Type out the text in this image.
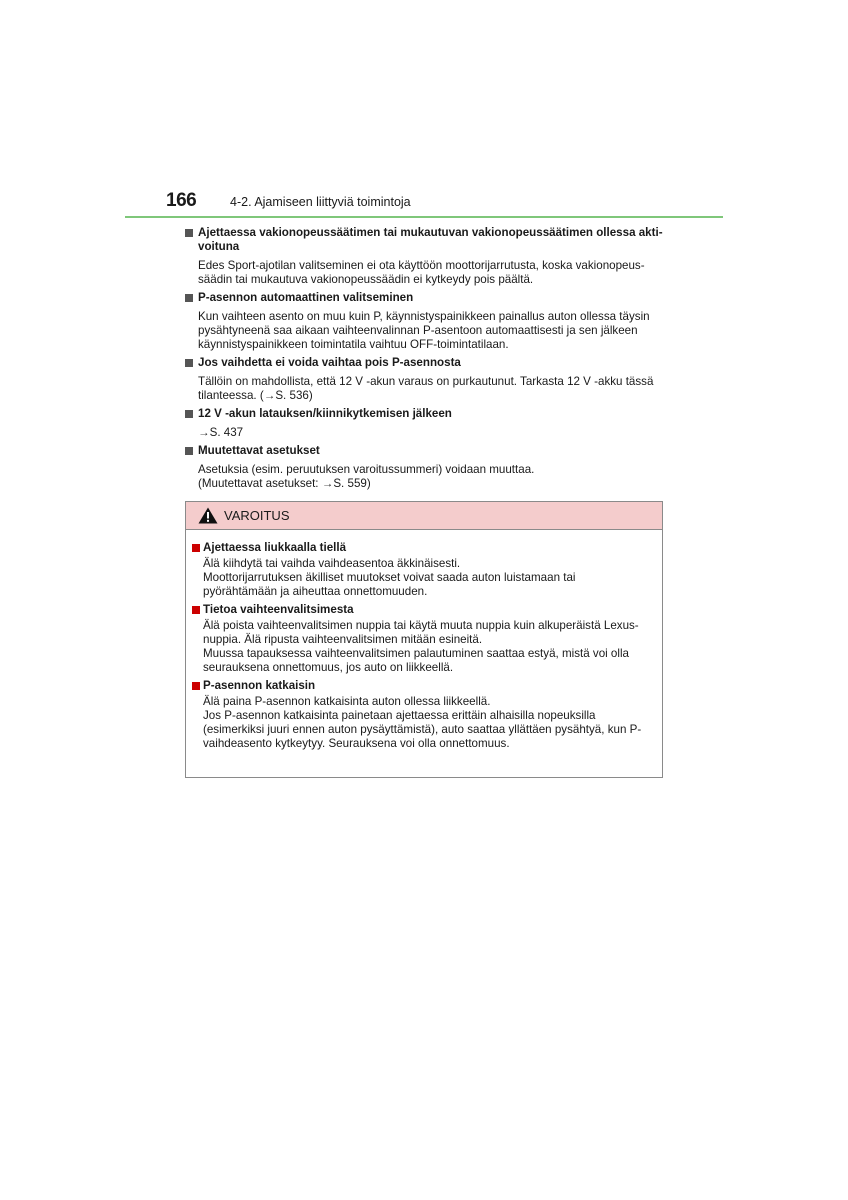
166	4-2. Ajamiseen liittyviä toimintoja
Ajettaessa vakionopeussäätimen tai mukautuvan vakionopeussäätimen ollessa akti-voituna

Edes Sport-ajotilan valitseminen ei ota käyttöön moottorijarrutusta, koska vakionopeus-säädin tai mukautuva vakionopeussäädin ei kytkeydy pois päältä.

P-asennon automaattinen valitseminen

Kun vaihteen asento on muu kuin P, käynnistyspainikkeen painallus auton ollessa täysin pysähtyneenä saa aikaan vaihteenvalinnan P-asentoon automaattisesti ja sen jälkeen käynnistyspainikkeen toimintatila vaihtuu OFF-toimintatilaan.

Jos vaihdetta ei voida vaihtaa pois P-asennosta

Tällöin on mahdollista, että 12 V -akun varaus on purkautunut. Tarkasta 12 V -akku tässä tilanteessa. (→S. 536)

12 V -akun latauksen/kiinnikytkemisen jälkeen

→S. 437

Muutettavat asetukset

Asetuksia (esim. peruutuksen varoitussummeri) voidaan muuttaa.

(Muutettavat asetukset: →S. 559)

VAROITUS
Ajettaessa liukkaalla tiellä

Älä kiihdytä tai vaihda vaihdeasentoa äkkinäisesti.

Moottorijarrutuksen äkilliset muutokset voivat saada auton luistamaan tai pyörähtämään ja aiheuttaa onnettomuuden.

Tietoa vaihteenvalitsimesta

Älä poista vaihteenvalitsimen nuppia tai käytä muuta nuppia kuin alkuperäistä Lexus-nuppia. Älä ripusta vaihteenvalitsimen mitään esineitä.

Muussa tapauksessa vaihteenvalitsimen palautuminen saattaa estyä, mistä voi olla seurauksena onnettomuus, jos auto on liikkeellä.

P-asennon katkaisin

Älä paina P-asennon katkaisinta auton ollessa liikkeellä.

Jos P-asennon katkaisinta painetaan ajettaessa erittäin alhaisilla nopeuksilla (esimerkiksi juuri ennen auton pysäyttämistä), auto saattaa yllättäen pysähtyä, kun P-vaihdeasento kytkeytyy. Seurauksena voi olla onnettomuus.
